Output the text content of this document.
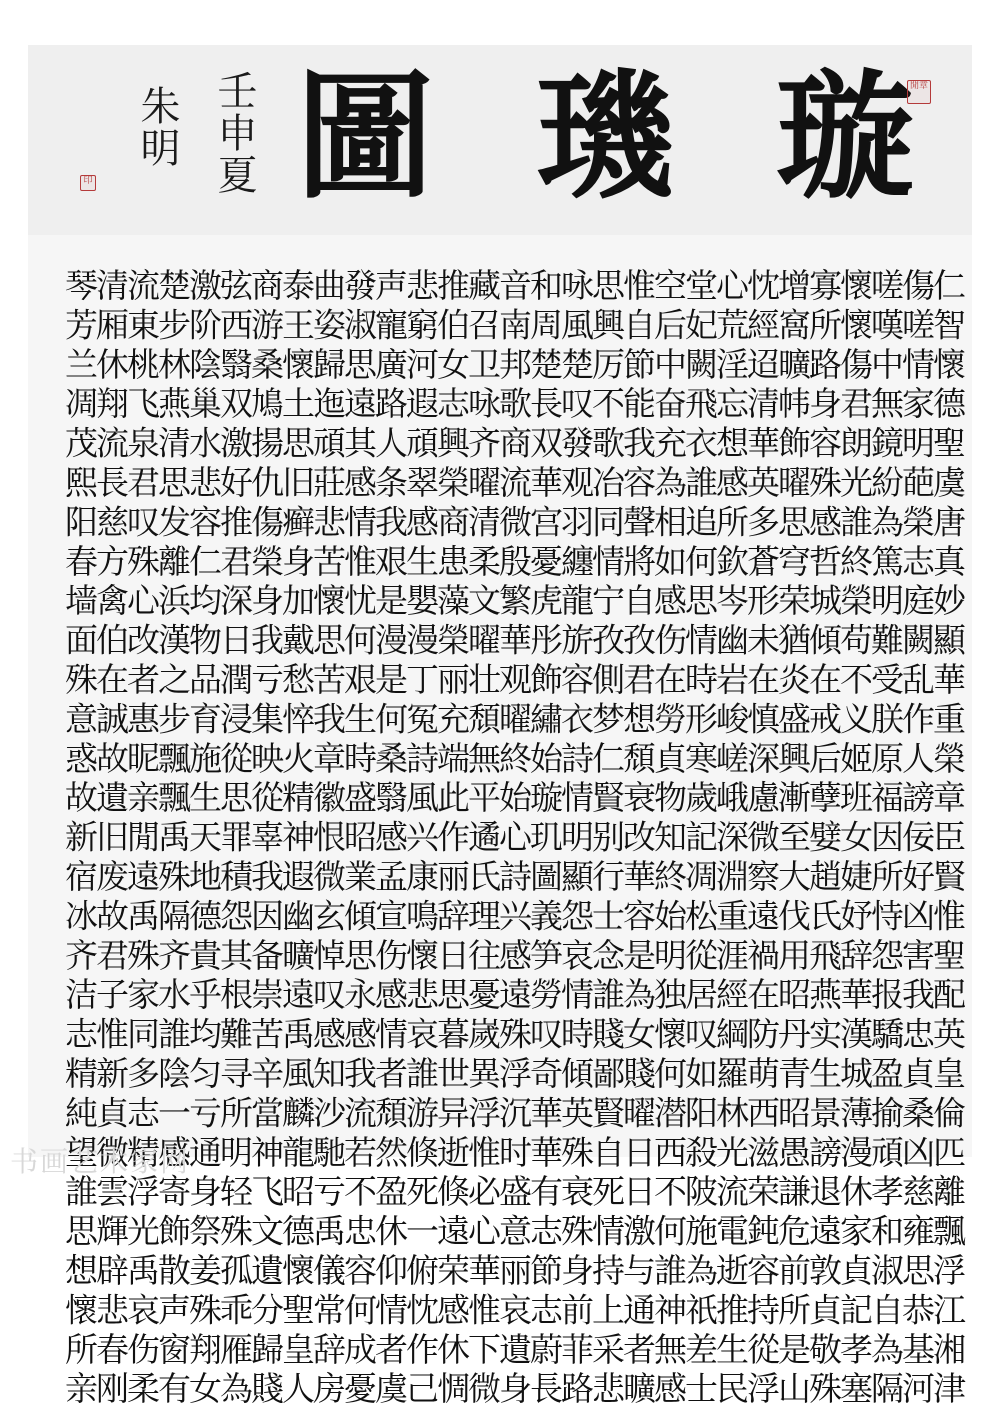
璇
璣
圖
壬申夏
朱明	閒章
印
仁智懷德聖虞唐真妙顯華重榮章臣賢惟聖配英皇倫匹離飄浮江湘津
傷嗟情家明葩榮志庭闕乱作人謗佞好凶害我忠貞桑凶慈雍思恭基河
嗟嘆中無鏡紛為篤明難受朕原福因所恃怨报驕盈揄頑孝和淑自為隔
懷懷傷君朗光誰終榮苟不义姬班女婕妤辞華漢城薄漫休家貞記孝塞
寡所路身容殊感哲城傾在戒后孽嬖趙氏飛燕实生景謗退遠敦貞敬殊
增窩曠帏飾曜思穹荣猶炎盛興漸至大伐用昭丹青昭愚謙危前所是山
忱經迢清華英多蒼形未在慎深慮微察遠禍在防萌西滋荣鈍容持從浮
心荒淫忘想感所欽岑幽岩峻嵯峨深淵重涯經綱羅林光流電逝推生民
堂妃闕飛衣誰追何思情時形寒歲記凋松從居叹如阳殺陂施為祇差士
空后中奋充為相如感伤在勞貞物知終始明独懷何潜西不何誰神無感
惟自節能我容聲將自孜君想頹衰改華容是為女賤曜日日激与通者曠
思興厉不歌冶同情宁孜側梦仁賢别行士念誰賤鄙賢自死情持上采悲
咏風楚叹發观羽纏龍旂容衣詩情明顯怨哀情時傾英殊衰殊身前菲路
和周楚長双華宫憂虎彤飾繡始璇玑圖義笋勞叹奇華華有志節志蔚長
音南邦歌商流微殷繁華观曜終始心詩兴感遠殊浮沉时盛意丽哀遺身
藏召卫咏齐曜清柔文曜壮頹無平遹氏理往憂嵗異浮惟必心華惟下微
推伯女志興榮商患藻榮丽充端此作丽辞日思暮世异逝倏遠荣感休惆
悲窮河遐頑翠感生嬰漫丁冤詩風兴康鳴懷悲哀誰游倏死一俯忱作己
声寵廣路人条我艰是漫是何桑翳感孟宣伤感情者頹然盈休仰情者虞
發淑思遠其感情惟忧何艰生時盛昭業傾思永感我流若不忠容何成憂
曲姿歸迤頑莊悲苦懷思苦我章徽恨微玄悼叹感知沙馳亏禹儀常辞房
泰王懷土思旧癣身加戴愁悴火精神遐幽曠遠禹風麟龍昭德懷聖皇人
商游桑鳩揚仇傷榮身我亏集映從辜我因备崇苦辛當神飞文遺分歸賤
弦西翳双激好推君深日潤浸從思罪積怨其根難寻所明轻殊孤乖雁為
激阶陰巢水悲容仁均物品育施生天地德貴乎均匀亏通身祭姜殊翔女
楚步林燕清思发離浜漢之步飄飄禹殊隔齐水誰陰一感寄飾散声窗有
流東桃飞泉君叹殊心改者惠昵亲閒遠禹殊家同多志精浮光禹哀伤柔
清厢休翔流長慈方禽伯在誠故遺旧废故君子惟新貞微雲輝辟悲春刚
琴芳兰凋茂熙阳春墙面殊意惑故新宿冰齐洁志精純望誰思想懷所亲
书画艺术家网
